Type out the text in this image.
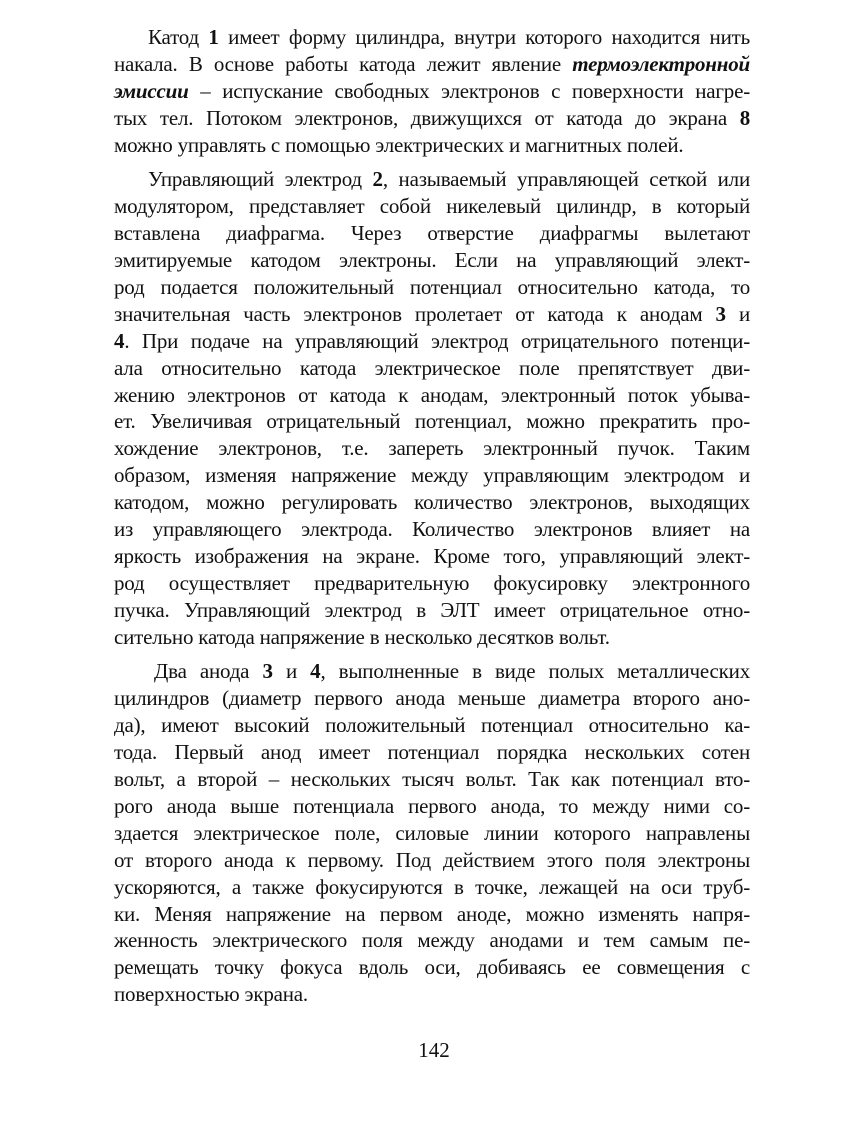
Катод 1 имеет форму цилиндра, внутри которого находится нить
накала. В основе работы катода лежит явление термоэлектронной
эмиссии – испускание свободных электронов с поверхности нагре-
тых тел. Потоком электронов, движущихся от катода до экрана 8
можно управлять с помощью электрических и магнитных полей.
Управляющий электрод 2, называемый управляющей сеткой или
модулятором, представляет собой никелевый цилиндр, в который
вставлена диафрагма. Через отверстие диафрагмы вылетают
эмитируемые катодом электроны. Если на управляющий элект-
род подается положительный потенциал относительно катода, то
значительная часть электронов пролетает от катода к анодам 3 и
4. При подаче на управляющий электрод отрицательного потенци-
ала относительно катода электрическое поле препятствует дви-
жению электронов от катода к анодам, электронный поток убыва-
ет. Увеличивая отрицательный потенциал, можно прекратить про-
хождение электронов, т.е. запереть электронный пучок. Таким
образом, изменяя напряжение между управляющим электродом и
катодом, можно регулировать количество электронов, выходящих
из управляющего электрода. Количество электронов влияет на
яркость изображения на экране. Кроме того, управляющий элект-
род осуществляет предварительную фокусировку электронного
пучка. Управляющий электрод в ЭЛТ имеет отрицательное отно-
сительно катода напряжение в несколько десятков вольт.
Два анода 3 и 4, выполненные в виде полых металлических
цилиндров (диаметр первого анода меньше диаметра второго ано-
да), имеют высокий положительный потенциал относительно ка-
тода. Первый анод имеет потенциал порядка нескольких сотен
вольт, а второй – нескольких тысяч вольт. Так как потенциал вто-
рого анода выше потенциала первого анода, то между ними со-
здается электрическое поле, силовые линии которого направлены
от второго анода к первому. Под действием этого поля электроны
ускоряются, а также фокусируются в точке, лежащей на оси труб-
ки. Меняя напряжение на первом аноде, можно изменять напря-
женность электрического поля между анодами и тем самым пе-
ремещать точку фокуса вдоль оси, добиваясь ее совмещения с
поверхностью экрана.
142
